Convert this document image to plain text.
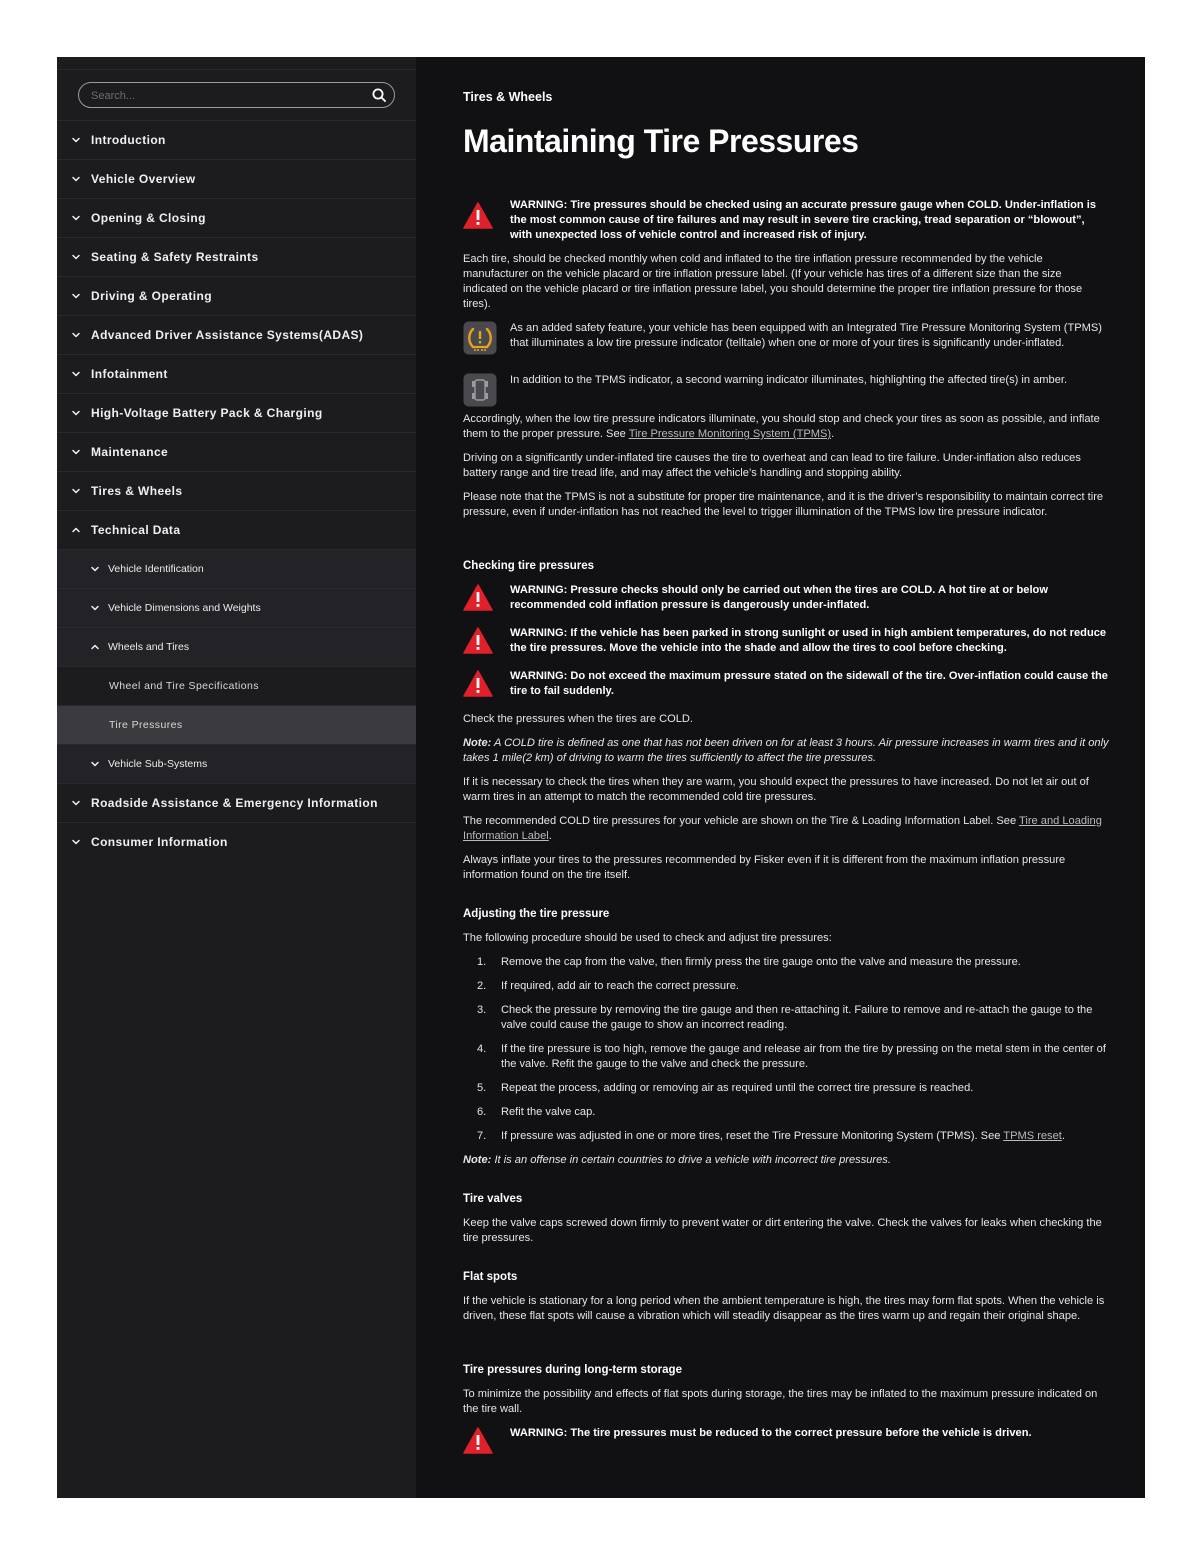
Search...
Introduction
Vehicle Overview
Opening & Closing
Seating & Safety Restraints
Driving & Operating
Advanced Driver Assistance Systems(ADAS)
Infotainment
High-Voltage Battery Pack & Charging
Maintenance
Tires & Wheels
Technical Data
Vehicle Identification
Vehicle Dimensions and Weights
Wheels and Tires
Wheel and Tire Specifications
Tire Pressures
Vehicle Sub-Systems
Roadside Assistance & Emergency Information
Consumer Information
Tires & Wheels
Maintaining Tire Pressures
WARNING: Tire pressures should be checked using an accurate pressure gauge when COLD. Under-inflation is the most common cause of tire failures and may result in severe tire cracking, tread separation or “blowout”, with unexpected loss of vehicle control and increased risk of injury.
Each tire, should be checked monthly when cold and inflated to the tire inflation pressure recommended by the vehicle manufacturer on the vehicle placard or tire inflation pressure label. (If your vehicle has tires of a different size than the size indicated on the vehicle placard or tire inflation pressure label, you should determine the proper tire inflation pressure for those tires).
As an added safety feature, your vehicle has been equipped with an Integrated Tire Pressure Monitoring System (TPMS) that illuminates a low tire pressure indicator (telltale) when one or more of your tires is significantly under-inflated.
In addition to the TPMS indicator, a second warning indicator illuminates, highlighting the affected tire(s) in amber.
Accordingly, when the low tire pressure indicators illuminate, you should stop and check your tires as soon as possible, and inflate them to the proper pressure. See Tire Pressure Monitoring System (TPMS).
Driving on a significantly under-inflated tire causes the tire to overheat and can lead to tire failure. Under-inflation also reduces battery range and tire tread life, and may affect the vehicle’s handling and stopping ability.
Please note that the TPMS is not a substitute for proper tire maintenance, and it is the driver’s responsibility to maintain correct tire pressure, even if under-inflation has not reached the level to trigger illumination of the TPMS low tire pressure indicator.
Checking tire pressures
WARNING: Pressure checks should only be carried out when the tires are COLD. A hot tire at or below recommended cold inflation pressure is dangerously under-inflated.
WARNING: If the vehicle has been parked in strong sunlight or used in high ambient temperatures, do not reduce the tire pressures. Move the vehicle into the shade and allow the tires to cool before checking.
WARNING: Do not exceed the maximum pressure stated on the sidewall of the tire. Over-inflation could cause the tire to fail suddenly.
Check the pressures when the tires are COLD.
Note: A COLD tire is defined as one that has not been driven on for at least 3 hours. Air pressure increases in warm tires and it only takes 1 mile(2 km) of driving to warm the tires sufficiently to affect the tire pressures.
If it is necessary to check the tires when they are warm, you should expect the pressures to have increased. Do not let air out of warm tires in an attempt to match the recommended cold tire pressures.
The recommended COLD tire pressures for your vehicle are shown on the Tire & Loading Information Label. See Tire and Loading Information Label.
Always inflate your tires to the pressures recommended by Fisker even if it is different from the maximum inflation pressure information found on the tire itself.
Adjusting the tire pressure
The following procedure should be used to check and adjust tire pressures:
1.	Remove the cap from the valve, then firmly press the tire gauge onto the valve and measure the pressure.
2.	If required, add air to reach the correct pressure.
3.	Check the pressure by removing the tire gauge and then re-attaching it. Failure to remove and re-attach the gauge to the valve could cause the gauge to show an incorrect reading.
4.	If the tire pressure is too high, remove the gauge and release air from the tire by pressing on the metal stem in the center of the valve. Refit the gauge to the valve and check the pressure.
5.	Repeat the process, adding or removing air as required until the correct tire pressure is reached.
6.	Refit the valve cap.
7.	If pressure was adjusted in one or more tires, reset the Tire Pressure Monitoring System (TPMS). See TPMS reset.
Note: It is an offense in certain countries to drive a vehicle with incorrect tire pressures.
Tire valves
Keep the valve caps screwed down firmly to prevent water or dirt entering the valve. Check the valves for leaks when checking the tire pressures.
Flat spots
If the vehicle is stationary for a long period when the ambient temperature is high, the tires may form flat spots. When the vehicle is driven, these flat spots will cause a vibration which will steadily disappear as the tires warm up and regain their original shape.
Tire pressures during long-term storage
To minimize the possibility and effects of flat spots during storage, the tires may be inflated to the maximum pressure indicated on the tire wall.
WARNING: The tire pressures must be reduced to the correct pressure before the vehicle is driven.
